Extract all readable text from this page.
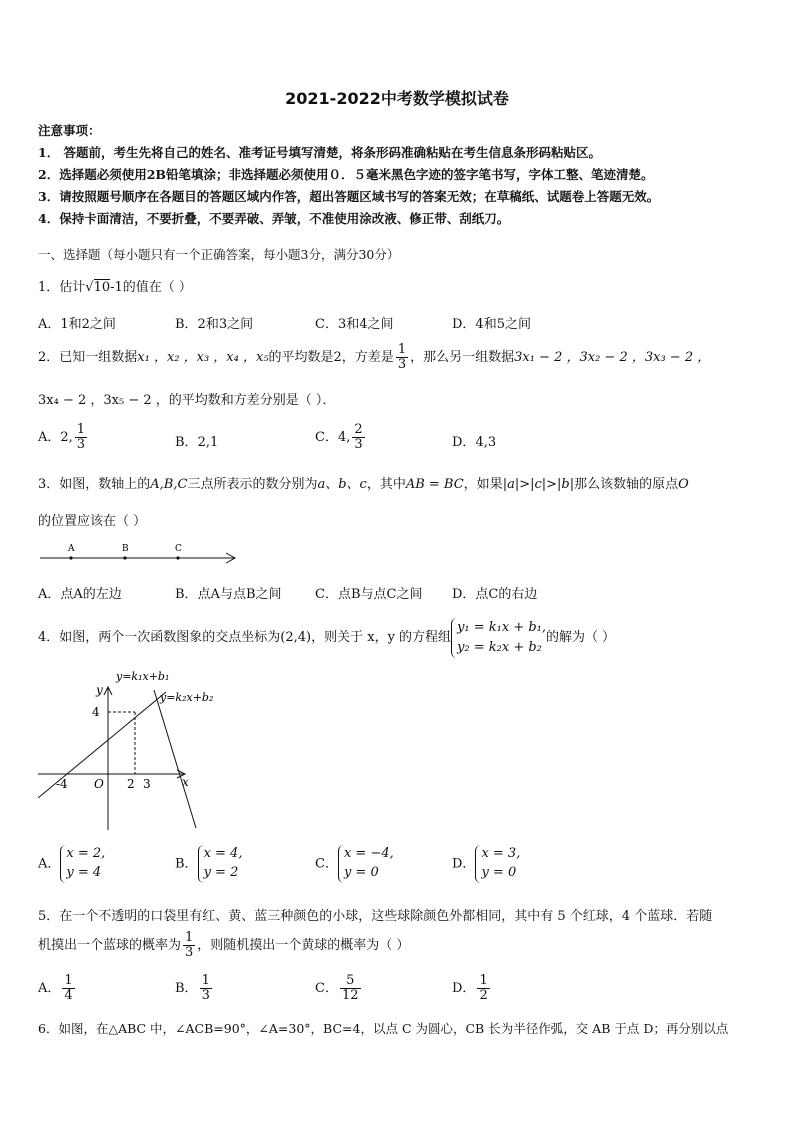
2021-2022中考数学模拟试卷
注意事项：
1． 答题前，考生先将自己的姓名、准考证号填写清楚，将条形码准确粘贴在考生信息条形码粘贴区。
2．选择题必须使用2B铅笔填涂；非选择题必须使用０．５毫米黑色字迹的签字笔书写，字体工整、笔迹清楚。
3．请按照题号顺序在各题目的答题区域内作答，超出答题区域书写的答案无效；在草稿纸、试题卷上答题无效。
4．保持卡面清洁，不要折叠，不要弄破、弄皱，不准使用涂改液、修正带、刮纸刀。
一、选择题（每小题只有一个正确答案，每小题3分，满分30分）
1．估计√10-1的值在（ ）
A．1和2之间	B．2和3之间	C．3和4之间	D．4和5之间
2．已知一组数据x₁ ，x₂ ，x₃ ，x₄ ，x₅的平均数是2，方差是 $\frac{1}{3}$ ，那么另一组数据3x₁ − 2 ，3x₂ − 2 ，3x₃ − 2 ，
3x₄ − 2 ，3x₅ − 2 ，的平均数和方差分别是（ ）．
A．2, $\frac{1}{3}$	B．2,1	C．4, $\frac{2}{3}$	D．4,3
3．如图，数轴上的A,B,C三点所表示的数分别为a、b、c，其中AB = BC，如果|a|>|c|>|b|那么该数轴的原点O
的位置应该在（ ）
A	B	C
A．点A的左边	B．点A与点B之间	C．点B与点C之间 D．点C的右边
4．如图，两个一次函数图象的交点坐标为(2,4)，则关于 x，y 的方程组
y₁ = k₁x + b₁,
y₂ = k₂x + b₂
的解为（ ）
y=k₁x+b₁
y=k₂x+b₂
y
x
O
-4	2 3
4
A．
x = 2,
y = 4
B．
x = 4,
y = 2
C．
x = −4,
y = 0
D．
x = 3,
y = 0
5．在一个不透明的口袋里有红、黄、蓝三种颜色的小球，这些球除颜色外都相同，其中有 5 个红球，4 个蓝球．若随
机摸出一个蓝球的概率为 $\frac{1}{3}$ ，则随机摸出一个黄球的概率为（ ）
A． $\frac{1}{4}$	B． $\frac{1}{3}$	C． $\frac{5}{12}$	D． $\frac{1}{2}$
6．如图，在△ABC 中，∠ACB=90°，∠A=30°，BC=4，以点 C 为圆心，CB 长为半径作弧，交 AB 于点 D；再分别以点
